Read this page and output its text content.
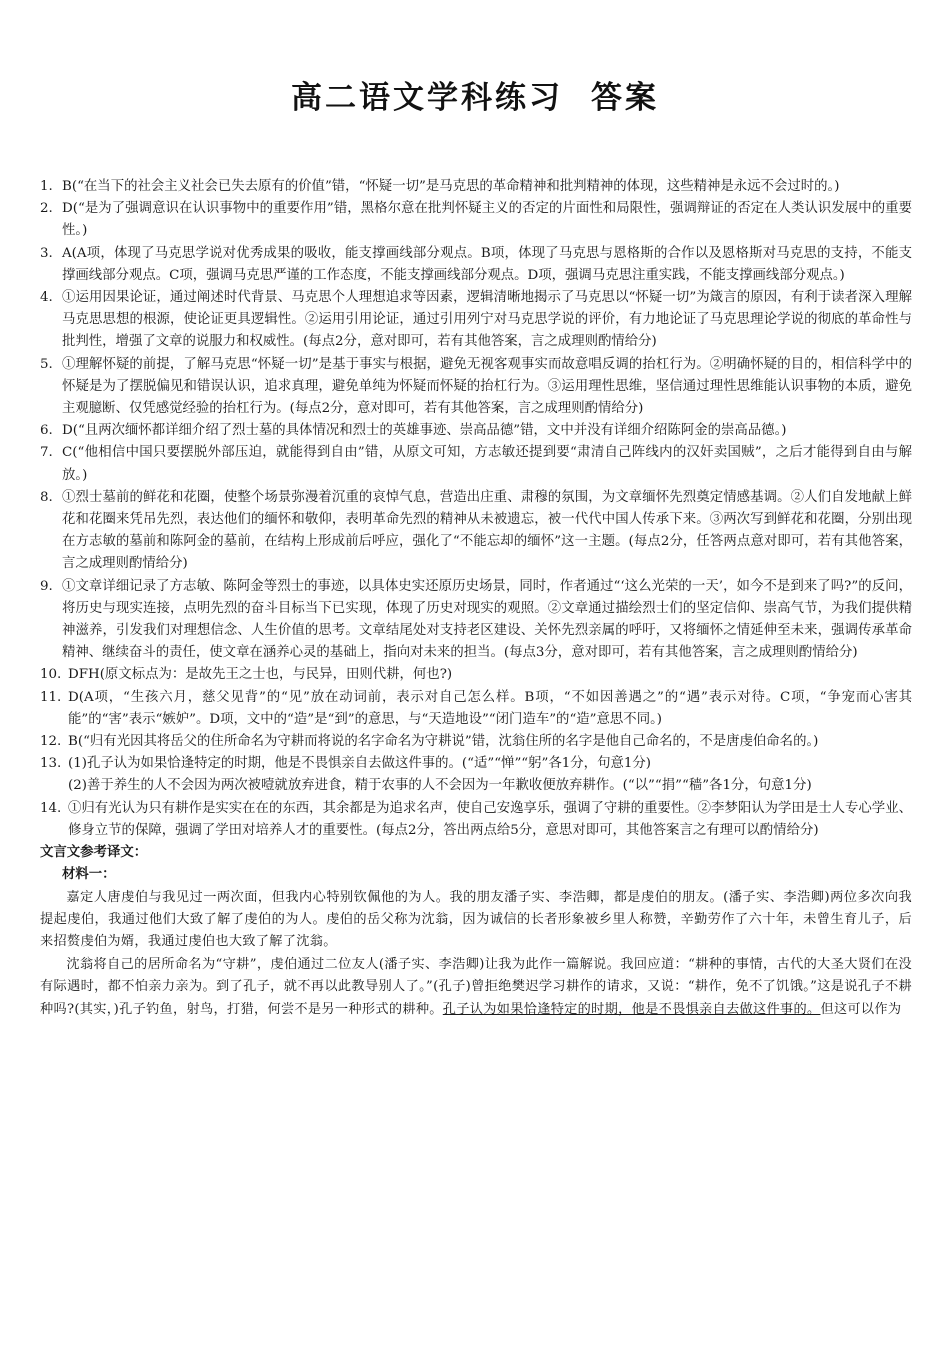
高二语文学科练习 答案
1. B(“在当下的社会主义社会已失去原有的价值”错，“怀疑一切”是马克思的革命精神和批判精神的体现，这些精神是永远不会过时的。)
2. D(“是为了强调意识在认识事物中的重要作用”错，黑格尔意在批判怀疑主义的否定的片面性和局限性，强调辩证的否定在人类认识发展中的重要性。)
3. A(A项，体现了马克思学说对优秀成果的吸收，能支撑画线部分观点。B项，体现了马克思与恩格斯的合作以及恩格斯对马克思的支持，不能支撑画线部分观点。C项，强调马克思严谨的工作态度，不能支撑画线部分观点。D项，强调马克思注重实践，不能支撑画线部分观点。)
4. ①运用因果论证，通过阐述时代背景、马克思个人理想追求等因素，逻辑清晰地揭示了马克思以“怀疑一切”为箴言的原因，有利于读者深入理解马克思思想的根源，使论证更具逻辑性。②运用引用论证，通过引用列宁对马克思学说的评价，有力地论证了马克思理论学说的彻底的革命性与批判性，增强了文章的说服力和权威性。(每点2分，意对即可，若有其他答案，言之成理则酌情给分)
5. ①理解怀疑的前提，了解马克思“怀疑一切”是基于事实与根据，避免无视客观事实而故意唱反调的抬杠行为。②明确怀疑的目的，相信科学中的怀疑是为了摆脱偏见和错误认识，追求真理，避免单纯为怀疑而怀疑的抬杠行为。③运用理性思维，坚信通过理性思维能认识事物的本质，避免主观臆断、仅凭感觉经验的抬杠行为。(每点2分，意对即可，若有其他答案，言之成理则酌情给分)
6. D(“且两次缅怀都详细介绍了烈士墓的具体情况和烈士的英雄事迹、崇高品德”错，文中并没有详细介绍陈阿金的崇高品德。)
7. C(“他相信中国只要摆脱外部压迫，就能得到自由”错，从原文可知，方志敏还提到要“肃清自己阵线内的汉奸卖国贼”，之后才能得到自由与解放。)
8. ①烈士墓前的鲜花和花圈，使整个场景弥漫着沉重的哀悼气息，营造出庄重、肃穆的氛围，为文章缅怀先烈奠定情感基调。②人们自发地献上鲜花和花圈来凭吊先烈，表达他们的缅怀和敬仰，表明革命先烈的精神从未被遗忘，被一代代中国人传承下来。③两次写到鲜花和花圈，分别出现在方志敏的墓前和陈阿金的墓前，在结构上形成前后呼应，强化了“不能忘却的缅怀”这一主题。(每点2分，任答两点意对即可，若有其他答案，言之成理则酌情给分)
9. ①文章详细记录了方志敏、陈阿金等烈士的事迹，以具体史实还原历史场景，同时，作者通过“‘这么光荣的一天’，如今不是到来了吗?”的反问，将历史与现实连接，点明先烈的奋斗目标当下已实现，体现了历史对现实的观照。②文章通过描绘烈士们的坚定信仰、崇高气节，为我们提供精神滋养，引发我们对理想信念、人生价值的思考。文章结尾处对支持老区建设、关怀先烈亲属的呼吁，又将缅怀之情延伸至未来，强调传承革命精神、继续奋斗的责任，使文章在涵养心灵的基础上，指向对未来的担当。(每点3分，意对即可，若有其他答案，言之成理则酌情给分)
10. DFH(原文标点为：是故先王之士也，与民异，田则代耕，何也?)
11. D(A项，“生孩六月，慈父见背”的“见”放在动词前，表示对自己怎么样。B项，“不如因善遇之”的“遇”表示对待。C项，“争宠而心害其能”的“害”表示“嫉妒”。D项，文中的“造”是“到”的意思，与“天造地设”“闭门造车”的“造”意思不同。)
12. B(“归有光因其将岳父的住所命名为守耕而将说的名字命名为守耕说”错，沈翁住所的名字是他自己命名的，不是唐虔伯命名的。)
13. (1)孔子认为如果恰逢特定的时期，他是不畏惧亲自去做这件事的。(“适”“惮”“躬”各1分，句意1分)
(2)善于养生的人不会因为两次被噎就放弃进食，精于农事的人不会因为一年歉收便放弃耕作。(“以”“捐”“穑”各1分，句意1分)
14. ①归有光认为只有耕作是实实在在的东西，其余都是为追求名声，使自己安逸享乐，强调了守耕的重要性。②李梦阳认为学田是士人专心学业、修身立节的保障，强调了学田对培养人才的重要性。(每点2分，答出两点给5分，意思对即可，其他答案言之有理可以酌情给分)
文言文参考译文：
材料一：
嘉定人唐虔伯与我见过一两次面，但我内心特别钦佩他的为人。我的朋友潘子实、李浩卿，都是虔伯的朋友。(潘子实、李浩卿)两位多次向我提起虔伯，我通过他们大致了解了虔伯的为人。虔伯的岳父称为沈翁，因为诚信的长者形象被乡里人称赞，辛勤劳作了六十年，未曾生育儿子，后来招赘虔伯为婿，我通过虔伯也大致了解了沈翁。
沈翁将自己的居所命名为“守耕”，虔伯通过二位友人(潘子实、李浩卿)让我为此作一篇解说。我回应道：“耕种的事情，古代的大圣大贤们在没有际遇时，都不怕亲力亲为。到了孔子，就不再以此教导别人了。”(孔子)曾拒绝樊迟学习耕作的请求，又说：“耕作，免不了饥饿。”这是说孔子不耕种吗?(其实，)孔子钓鱼，射鸟，打猎，何尝不是另一种形式的耕种。孔子认为如果恰逢特定的时期，他是不畏惧亲自去做这件事的。但这可以作为
